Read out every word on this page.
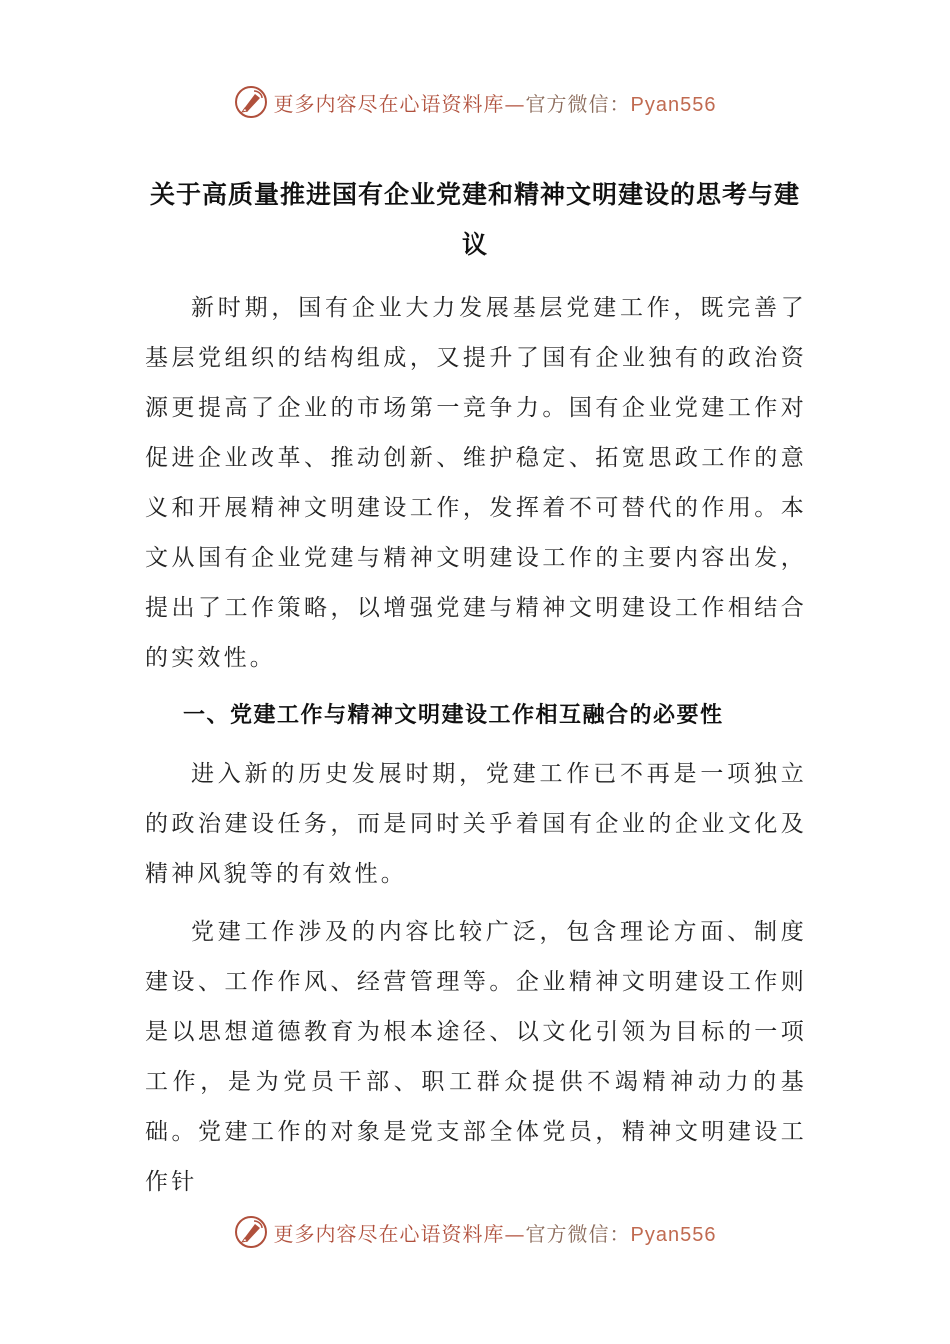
更多内容尽在心语资料库—官方微信：Pyan556
关于高质量推进国有企业党建和精神文明建设的思考与建议

新时期，国有企业大力发展基层党建工作，既完善了基层党组织的结构组成，又提升了国有企业独有的政治资源更提高了企业的市场第一竞争力。国有企业党建工作对促进企业改革、推动创新、维护稳定、拓宽思政工作的意义和开展精神文明建设工作，发挥着不可替代的作用。本文从国有企业党建与精神文明建设工作的主要内容出发，提出了工作策略，以增强党建与精神文明建设工作相结合的实效性。

一、党建工作与精神文明建设工作相互融合的必要性

进入新的历史发展时期，党建工作已不再是一项独立的政治建设任务，而是同时关乎着国有企业的企业文化及精神风貌等的有效性。

党建工作涉及的内容比较广泛，包含理论方面、制度建设、工作作风、经营管理等。企业精神文明建设工作则是以思想道德教育为根本途径、以文化引领为目标的一项工作，是为党员干部、职工群众提供不竭精神动力的基础。党建工作的对象是党支部全体党员，精神文明建设工作针

更多内容尽在心语资料库—官方微信：Pyan556
